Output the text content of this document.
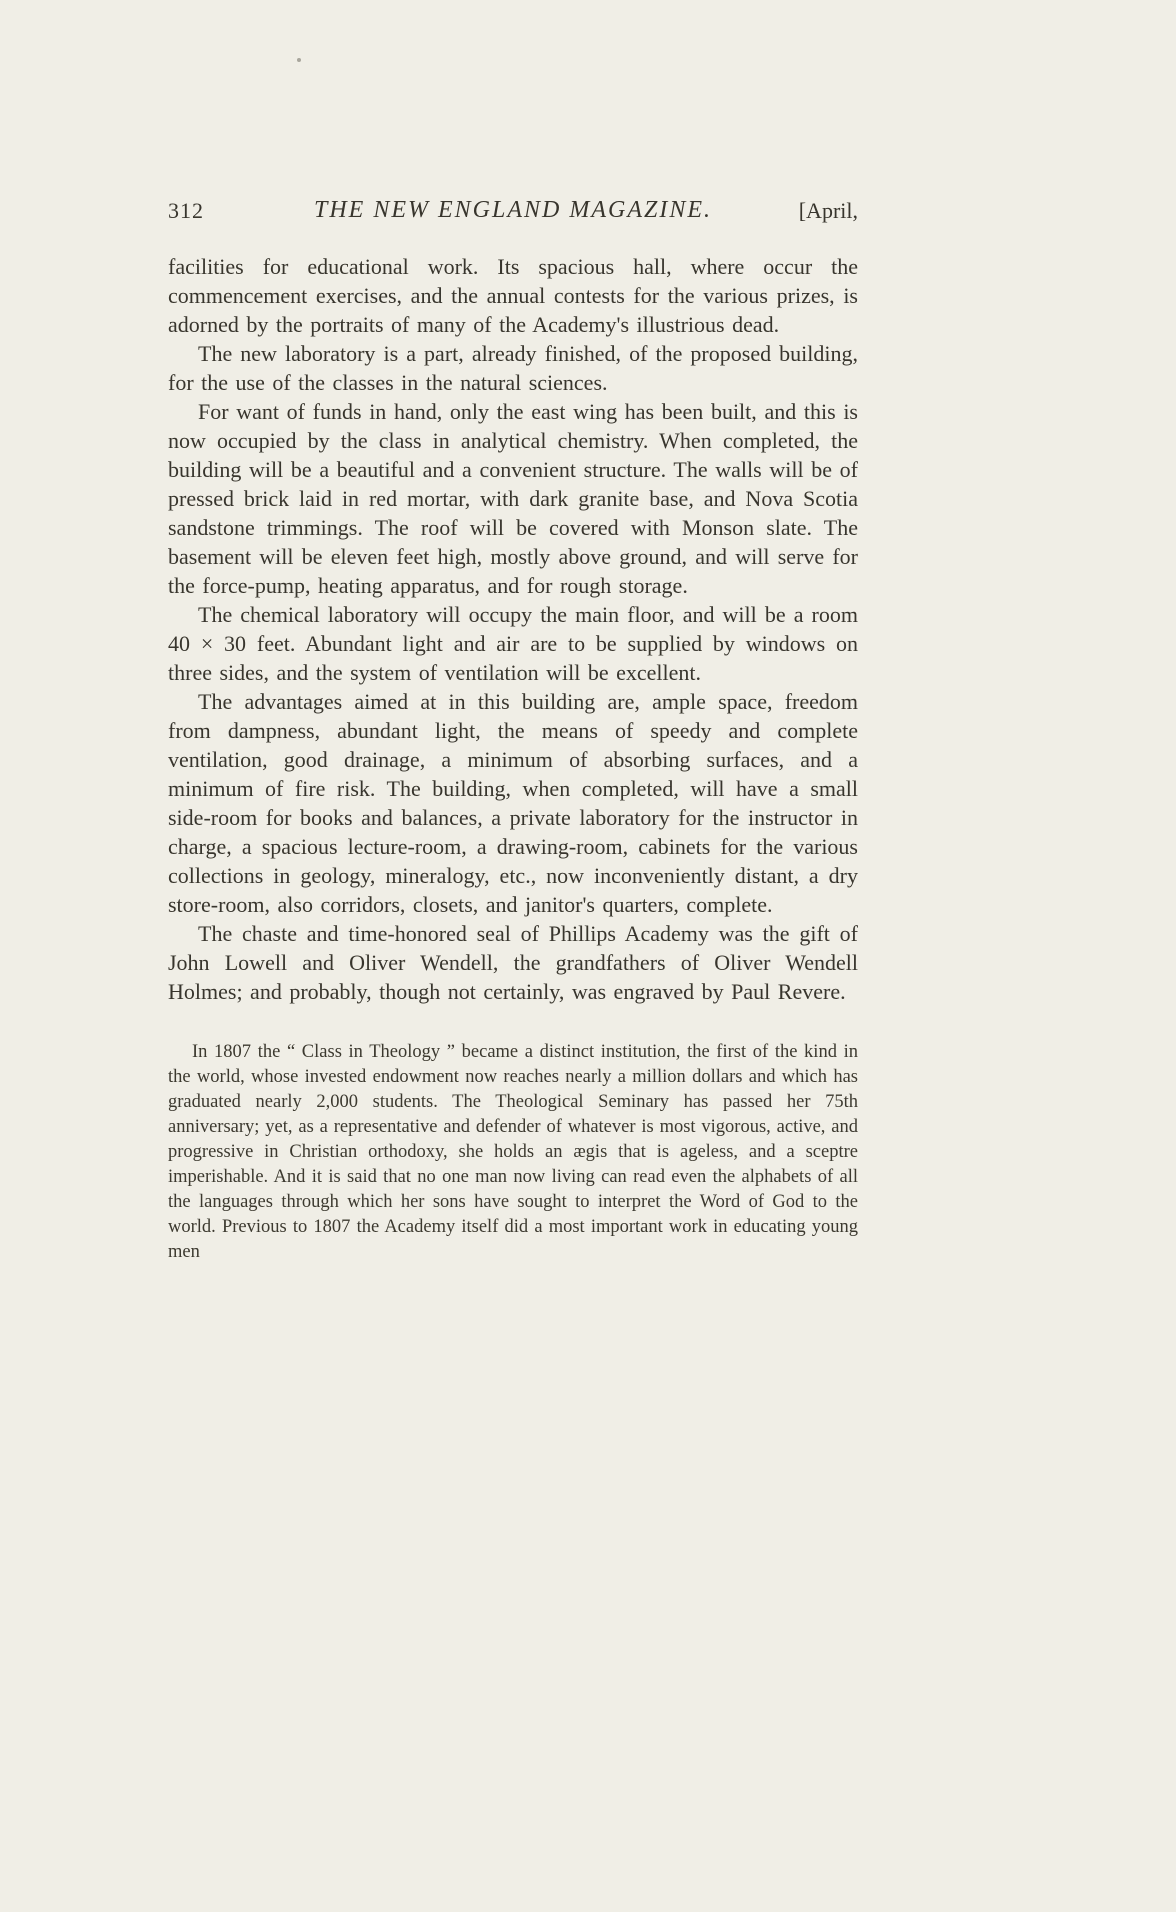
312	THE NEW ENGLAND MAGAZINE.	[April,

facilities for educational work. Its spacious hall, where occur the commencement exercises, and the annual contests for the various prizes, is adorned by the portraits of many of the Academy's illustrious dead.

The new laboratory is a part, already finished, of the proposed building, for the use of the classes in the natural sciences.

For want of funds in hand, only the east wing has been built, and this is now occupied by the class in analytical chemistry. When completed, the building will be a beautiful and a convenient structure. The walls will be of pressed brick laid in red mortar, with dark granite base, and Nova Scotia sandstone trimmings. The roof will be covered with Monson slate. The basement will be eleven feet high, mostly above ground, and will serve for the force-pump, heating apparatus, and for rough storage.

The chemical laboratory will occupy the main floor, and will be a room 40 × 30 feet. Abundant light and air are to be supplied by windows on three sides, and the system of ventilation will be excellent.

The advantages aimed at in this building are, ample space, freedom from dampness, abundant light, the means of speedy and complete ventilation, good drainage, a minimum of absorbing surfaces, and a minimum of fire risk. The building, when completed, will have a small side-room for books and balances, a private laboratory for the instructor in charge, a spacious lecture-room, a drawing-room, cabinets for the various collections in geology, mineralogy, etc., now inconveniently distant, a dry store-room, also corridors, closets, and janitor's quarters, complete.

The chaste and time-honored seal of Phillips Academy was the gift of John Lowell and Oliver Wendell, the grandfathers of Oliver Wendell Holmes; and probably, though not certainly, was engraved by Paul Revere.

In 1807 the “ Class in Theology ” became a distinct institution, the first of the kind in the world, whose invested endowment now reaches nearly a million dollars and which has graduated nearly 2,000 students. The Theological Seminary has passed her 75th anniversary; yet, as a representative and defender of whatever is most vigorous, active, and progressive in Christian orthodoxy, she holds an ægis that is ageless, and a sceptre imperishable. And it is said that no one man now living can read even the alphabets of all the languages through which her sons have sought to interpret the Word of God to the world. Previous to 1807 the Academy itself did a most important work in educating young men
